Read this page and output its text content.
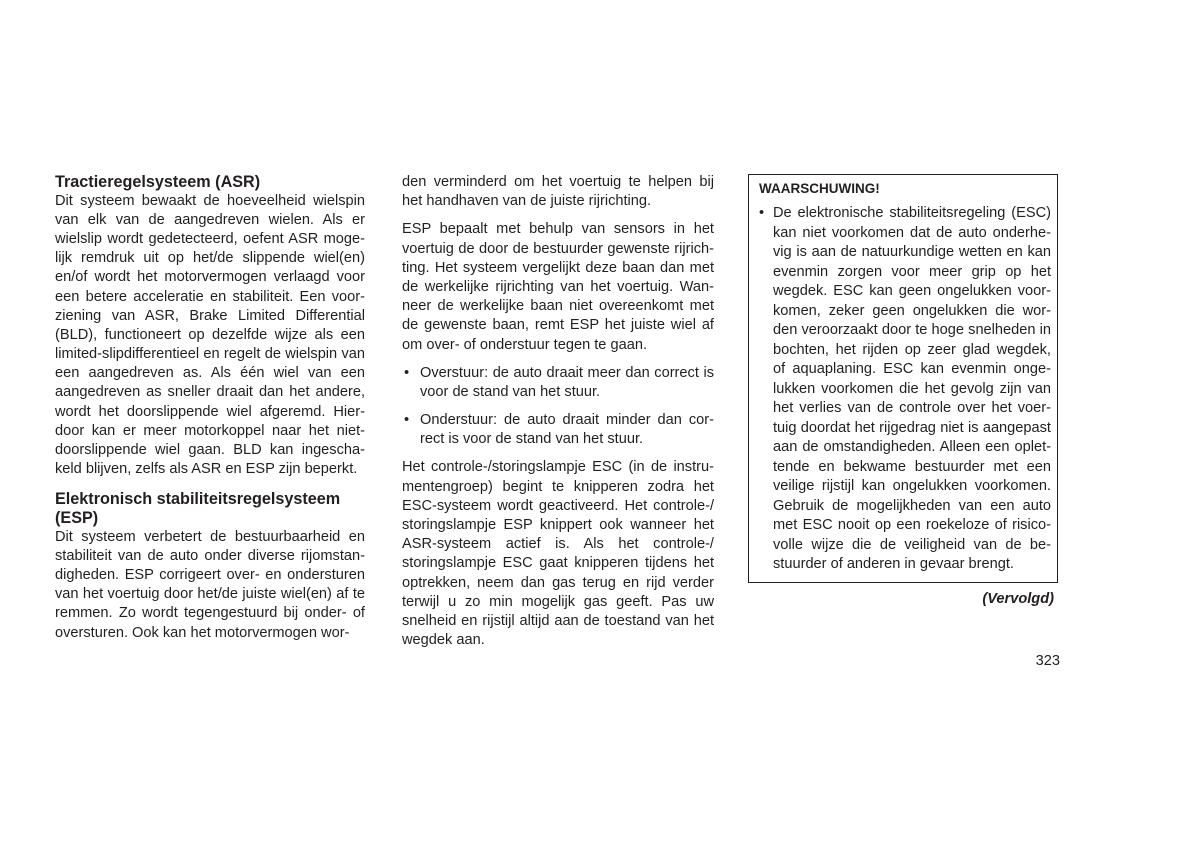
Tractieregelsysteem (ASR)
Dit systeem bewaakt de hoeveelheid wielspin
van elk van de aangedreven wielen. Als er
wielslip wordt gedetecteerd, oefent ASR moge-
lijk remdruk uit op het/de slippende wiel(en)
en/of wordt het motorvermogen verlaagd voor
een betere acceleratie en stabiliteit. Een voor-
ziening van ASR, Brake Limited Differential
(BLD), functioneert op dezelfde wijze als een
limited-slipdifferentieel en regelt de wielspin van
een aangedreven as. Als één wiel van een
aangedreven as sneller draait dan het andere,
wordt het doorslippende wiel afgeremd. Hier-
door kan er meer motorkoppel naar het niet-
doorslippende wiel gaan. BLD kan ingescha-
keld blijven, zelfs als ASR en ESP zijn beperkt.
Elektronisch stabiliteitsregelsysteem
(ESP)
Dit systeem verbetert de bestuurbaarheid en
stabiliteit van de auto onder diverse rijomstan-
digheden. ESP corrigeert over- en ondersturen
van het voertuig door het/de juiste wiel(en) af te
remmen. Zo wordt tegengestuurd bij onder- of
oversturen. Ook kan het motorvermogen wor-
den verminderd om het voertuig te helpen bij
het handhaven van de juiste rijrichting.
ESP bepaalt met behulp van sensors in het
voertuig de door de bestuurder gewenste rijrich-
ting. Het systeem vergelijkt deze baan dan met
de werkelijke rijrichting van het voertuig. Wan-
neer de werkelijke baan niet overeenkomt met
de gewenste baan, remt ESP het juiste wiel af
om over- of onderstuur tegen te gaan.
• Overstuur: de auto draait meer dan correct is
voor de stand van het stuur.
• Onderstuur: de auto draait minder dan cor-
rect is voor de stand van het stuur.
Het controle-/storingslampje ESC (in de instru-
mentengroep) begint te knipperen zodra het
ESC-systeem wordt geactiveerd. Het controle-/
storingslampje ESP knippert ook wanneer het
ASR-systeem actief is. Als het controle-/
storingslampje ESC gaat knipperen tijdens het
optrekken, neem dan gas terug en rijd verder
terwijl u zo min mogelijk gas geeft. Pas uw
snelheid en rijstijl altijd aan de toestand van het
wegdek aan.
WAARSCHUWING!
• De elektronische stabiliteitsregeling (ESC)
kan niet voorkomen dat de auto onderhe-
vig is aan de natuurkundige wetten en kan
evenmin zorgen voor meer grip op het
wegdek. ESC kan geen ongelukken voor-
komen, zeker geen ongelukken die wor-
den veroorzaakt door te hoge snelheden in
bochten, het rijden op zeer glad wegdek,
of aquaplaning. ESC kan evenmin onge-
lukken voorkomen die het gevolg zijn van
het verlies van de controle over het voer-
tuig doordat het rijgedrag niet is aangepast
aan de omstandigheden. Alleen een oplet-
tende en bekwame bestuurder met een
veilige rijstijl kan ongelukken voorkomen.
Gebruik de mogelijkheden van een auto
met ESC nooit op een roekeloze of risico-
volle wijze die de veiligheid van de be-
stuurder of anderen in gevaar brengt.
(Vervolgd)
323
